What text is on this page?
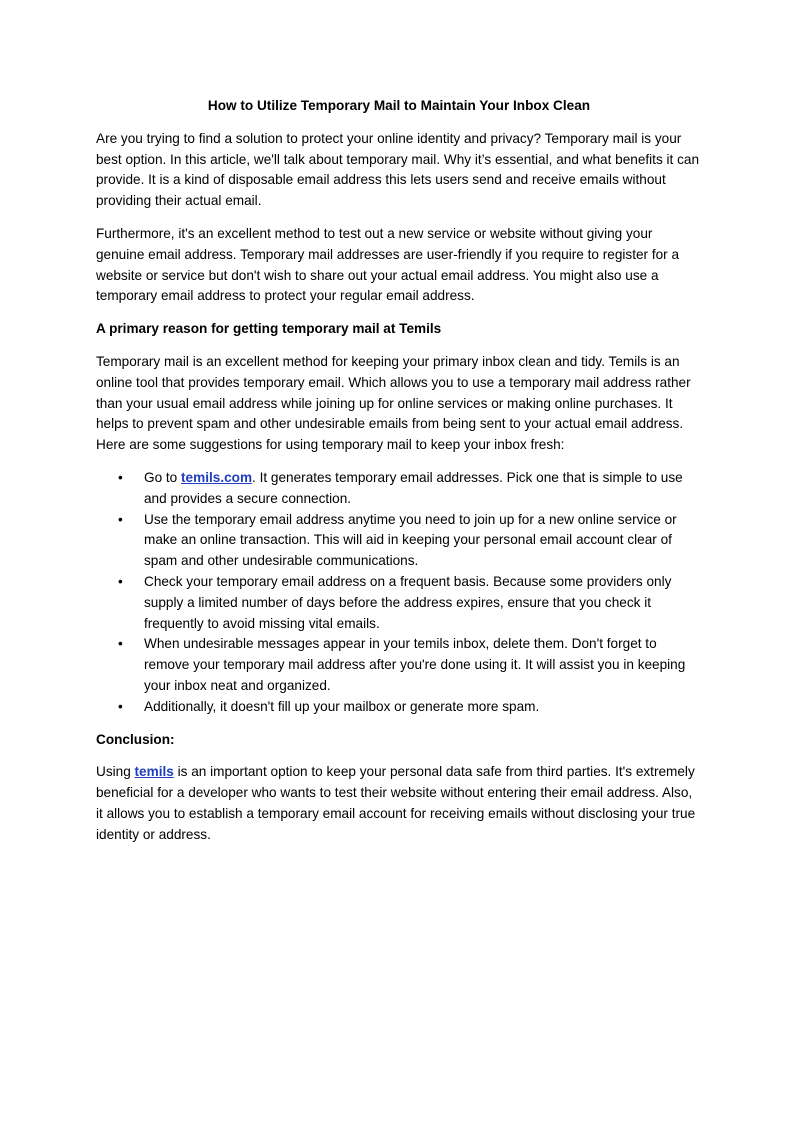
How to Utilize Temporary Mail to Maintain Your Inbox Clean

Are you trying to find a solution to protect your online identity and privacy? Temporary mail is your best option. In this article, we'll talk about temporary mail. Why it’s essential, and what benefits it can provide. It is a kind of disposable email address this lets users send and receive emails without providing their actual email.

Furthermore, it's an excellent method to test out a new service or website without giving your genuine email address. Temporary mail addresses are user-friendly if you require to register for a website or service but don't wish to share out your actual email address. You might also use a temporary email address to protect your regular email address.

A primary reason for getting temporary mail at Temils

Temporary mail is an excellent method for keeping your primary inbox clean and tidy. Temils is an online tool that provides temporary email. Which allows you to use a temporary mail address rather than your usual email address while joining up for online services or making online purchases. It helps to prevent spam and other undesirable emails from being sent to your actual email address. Here are some suggestions for using temporary mail to keep your inbox fresh:

• Go to temils.com. It generates temporary email addresses. Pick one that is simple to use and provides a secure connection.
• Use the temporary email address anytime you need to join up for a new online service or make an online transaction. This will aid in keeping your personal email account clear of spam and other undesirable communications.
• Check your temporary email address on a frequent basis. Because some providers only supply a limited number of days before the address expires, ensure that you check it frequently to avoid missing vital emails.
• When undesirable messages appear in your temils inbox, delete them. Don't forget to remove your temporary mail address after you're done using it. It will assist you in keeping your inbox neat and organized.
• Additionally, it doesn't fill up your mailbox or generate more spam.
Conclusion:

Using temils is an important option to keep your personal data safe from third parties. It's extremely beneficial for a developer who wants to test their website without entering their email address. Also, it allows you to establish a temporary email account for receiving emails without disclosing your true identity or address.
